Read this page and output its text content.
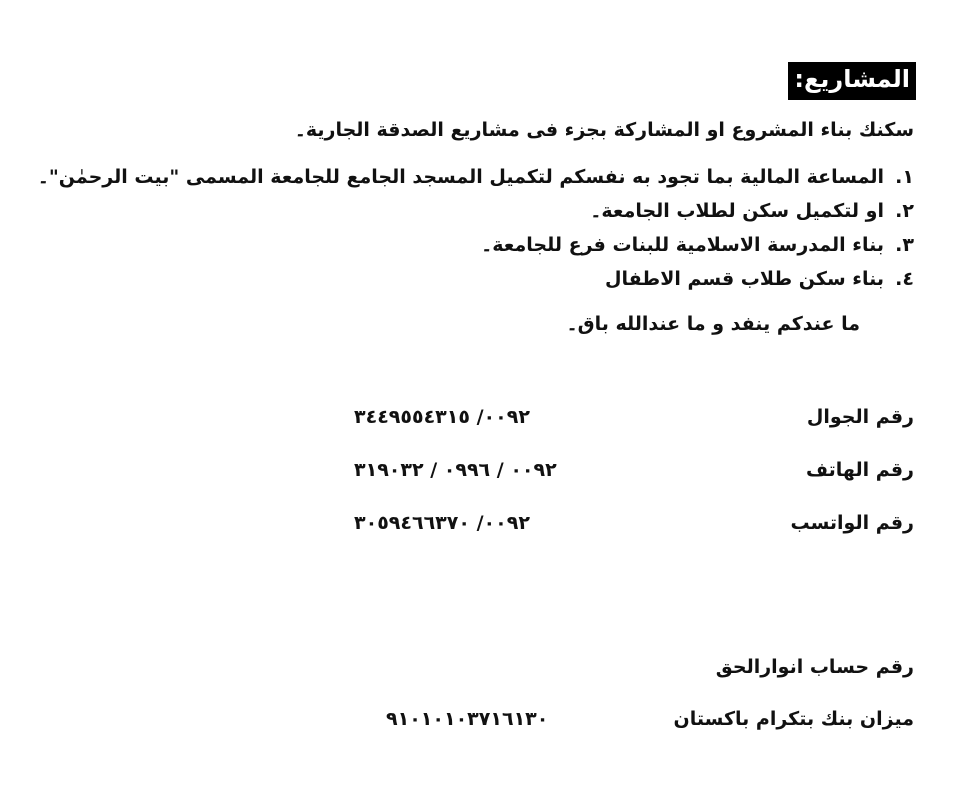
المشاريع:
سكنك بناء المشروع او المشاركة بجزء فى مشاريع الصدقة الجارية۔
١.
المساعة المالية بما تجود به نفسكم لتكميل المسجد الجامع للجامعة المسمى "بيت الرحمٰن"۔
٢.
او لتكميل سكن لطلاب الجامعة۔
٣.
بناء المدرسة الاسلامية للبنات فرع للجامعة۔
٤.
بناء سكن طلاب قسم الاطفال
ما عندكم ينفد و ما عندالله باق۔
رقم الجوال
٠٠٩٢/ ٣٤٤٩٥٥٤٣١٥
رقم الهاتف
٠٠٩٢ / ٠٩٩٦ / ٣١٩٠٣٢
رقم الواتسب
٠٠٩٢/ ٣٠٥٩٤٦٦٣٧٠
رقم حساب انوارالحق
ميزان بنك بتكرام باكستان
٩١٠١٠١٠٣٧١٦١٣٠
